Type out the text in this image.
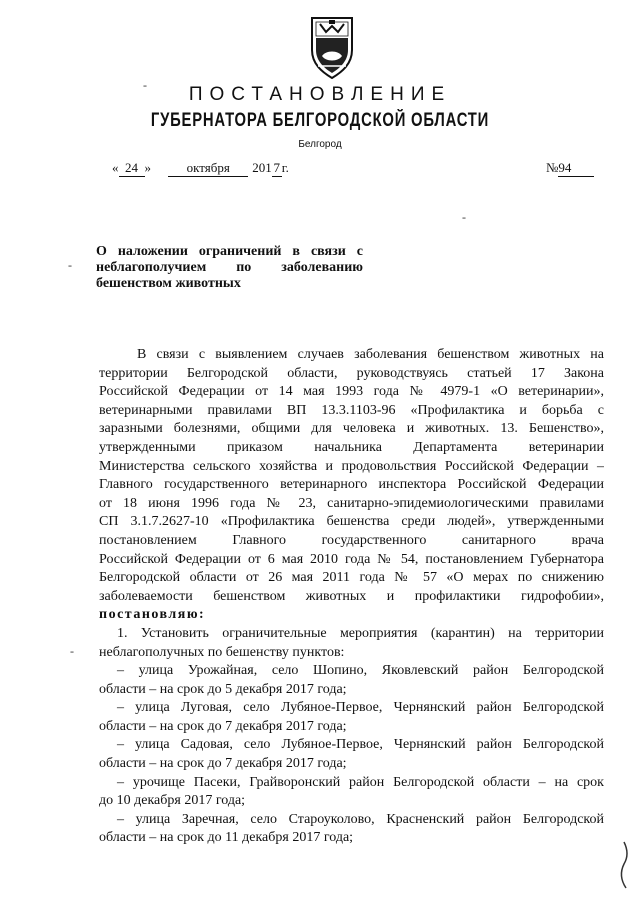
ПОСТАНОВЛЕНИЕ
ГУБЕРНАТОРА БЕЛГОРОДСКОЙ ОБЛАСТИ
Белгород
« 24 »	октября 201 7 г.	№94
О наложении ограничений в связи с
неблагополучием по заболеванию
бешенством животных
В связи с выявлением случаев заболевания бешенством животных на
территории Белгородской области, руководствуясь статьей 17 Закона
Российской Федерации от 14 мая 1993 года № 4979-1 «О ветеринарии»,
ветеринарными правилами ВП 13.3.1103-96 «Профилактика и борьба с
заразными болезнями, общими для человека и животных. 13. Бешенство»,
утвержденными приказом начальника Департамента ветеринарии
Министерства сельского хозяйства и продовольствия Российской Федерации –
Главного государственного ветеринарного инспектора Российской Федерации
от 18 июня 1996 года № 23, санитарно-эпидемиологическими правилами
СП 3.1.7.2627-10 «Профилактика бешенства среди людей», утвержденными
постановлением Главного государственного санитарного врача
Российской Федерации от 6 мая 2010 года № 54, постановлением Губернатора
Белгородской области от 26 мая 2011 года № 57 «О мерах по снижению
заболеваемости бешенством животных и профилактики гидрофобии»,
постановляю:
1. Установить ограничительные мероприятия (карантин) на территории
неблагополучных по бешенству пунктов:
– улица Урожайная, село Шопино, Яковлевский район Белгородской
области – на срок до 5 декабря 2017 года;
– улица Луговая, село Лубяное-Первое, Чернянский район Белгородской
области – на срок до 7 декабря 2017 года;
– улица Садовая, село Лубяное-Первое, Чернянский район Белгородской
области – на срок до 7 декабря 2017 года;
– урочище Пасеки, Грайворонский район Белгородской области – на срок
до 10 декабря 2017 года;
– улица Заречная, село Староуколово, Красненский район Белгородской
области – на срок до 11 декабря 2017 года;
-
-
-
-
